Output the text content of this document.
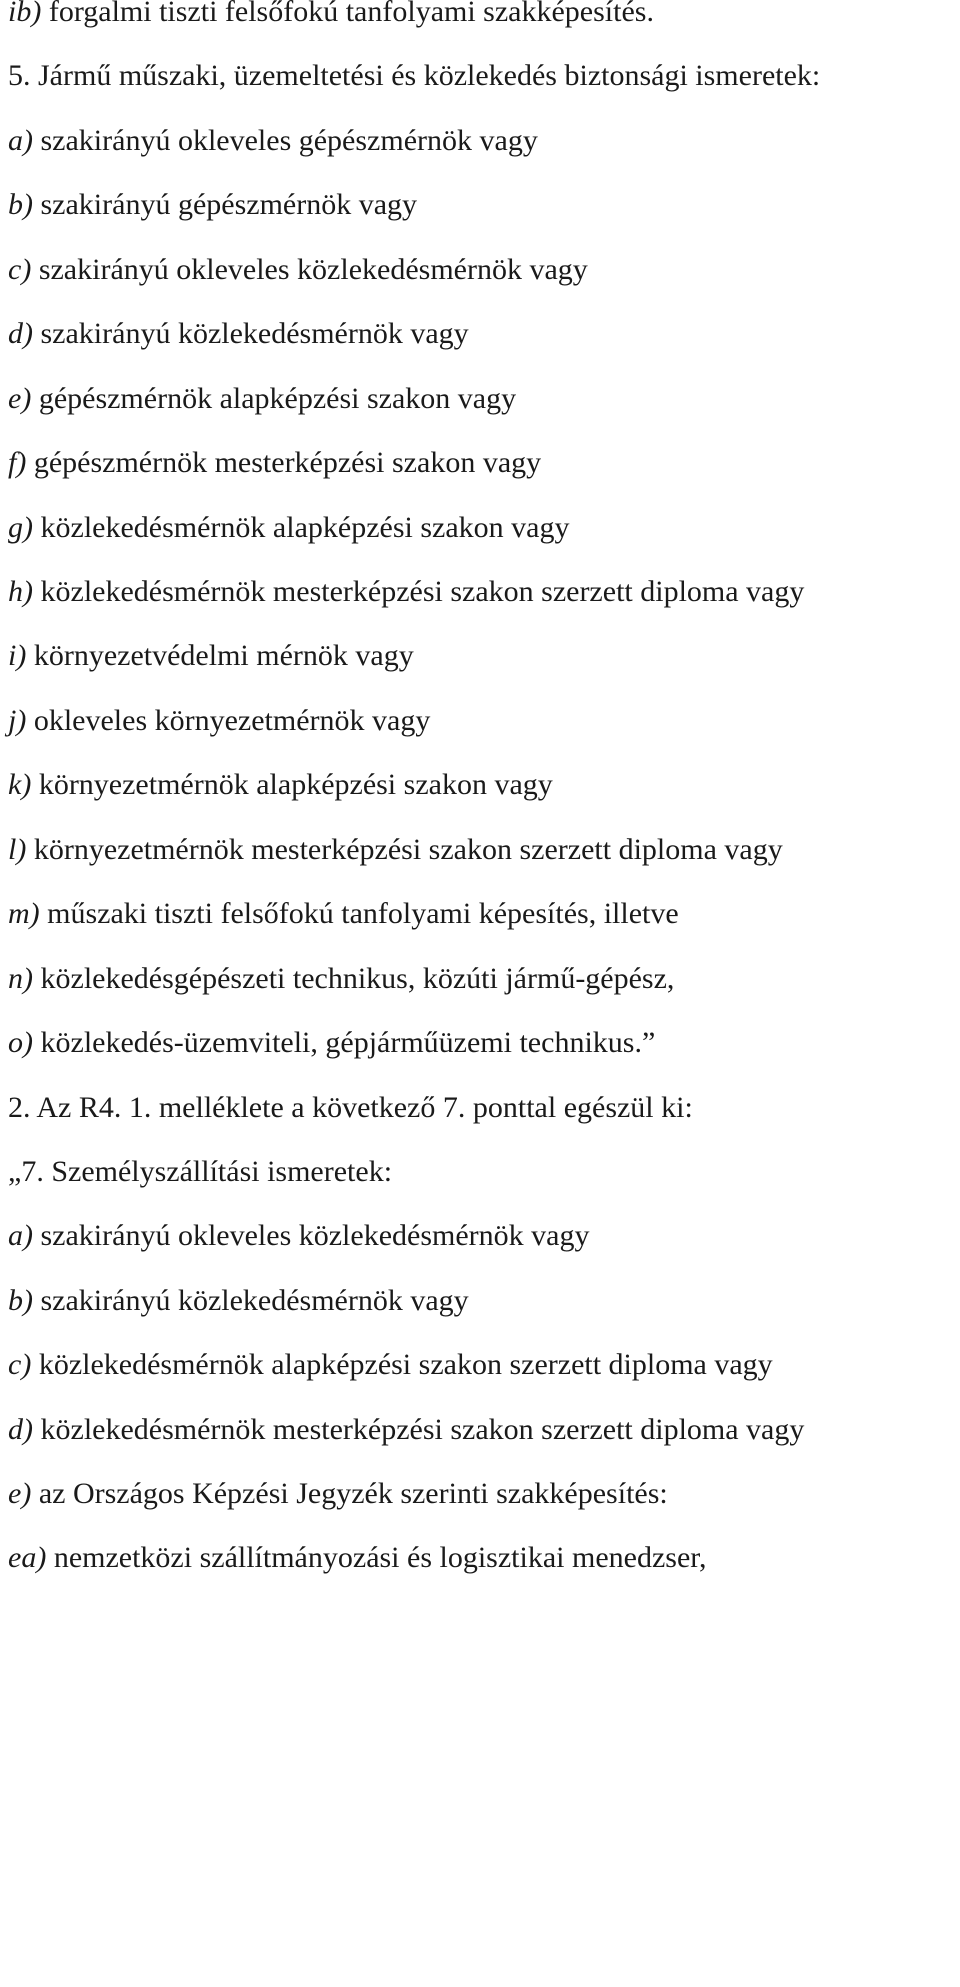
ib) forgalmi tiszti felsőfokú tanfolyami szakképesítés.

5. Jármű műszaki, üzemeltetési és közlekedés biztonsági ismeretek:

a) szakirányú okleveles gépészmérnök vagy

b) szakirányú gépészmérnök vagy

c) szakirányú okleveles közlekedésmérnök vagy

d) szakirányú közlekedésmérnök vagy

e) gépészmérnök alapképzési szakon vagy

f) gépészmérnök mesterképzési szakon vagy

g) közlekedésmérnök alapképzési szakon vagy

h) közlekedésmérnök mesterképzési szakon szerzett diploma vagy

i) környezetvédelmi mérnök vagy

j) okleveles környezetmérnök vagy

k) környezetmérnök alapképzési szakon vagy

l) környezetmérnök mesterképzési szakon szerzett diploma vagy

m) műszaki tiszti felsőfokú tanfolyami képesítés, illetve

n) közlekedésgépészeti technikus, közúti jármű-gépész,

o) közlekedés-üzemviteli, gépjárműüzemi technikus.”

2. Az R4. 1. melléklete a következő 7. ponttal egészül ki:

„7. Személyszállítási ismeretek:

a) szakirányú okleveles közlekedésmérnök vagy

b) szakirányú közlekedésmérnök vagy

c) közlekedésmérnök alapképzési szakon szerzett diploma vagy

d) közlekedésmérnök mesterképzési szakon szerzett diploma vagy

e) az Országos Képzési Jegyzék szerinti szakképesítés:

ea) nemzetközi szállítmányozási és logisztikai menedzser,
